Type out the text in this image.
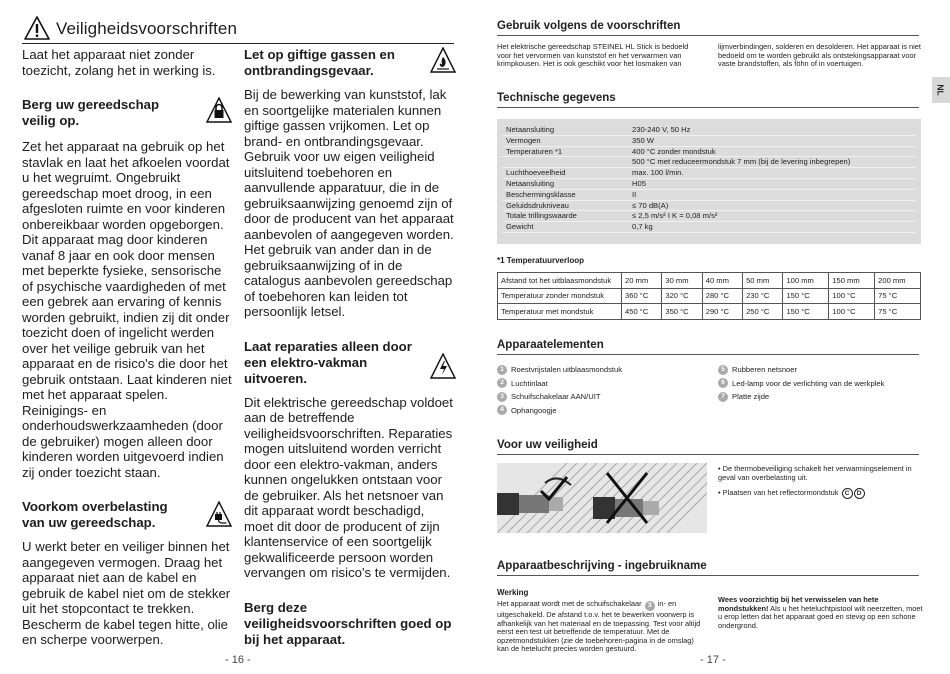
Veiligheidsvoorschriften

Laat het apparaat niet zonder toezicht, zolang het in werking is.

Berg uw gereedschap veilig op.

Zet het apparaat na gebruik op het stavlak en laat het afkoelen voordat u het wegruimt. Ongebruikt gereedschap moet droog, in een afgesloten ruimte en voor kinderen onbereikbaar worden opgeborgen. Dit apparaat mag door kinderen vanaf 8 jaar en ook door mensen met beperkte fysieke, sensorische of psychische vaardigheden of met een gebrek aan ervaring of kennis worden gebruikt, indien zij dit onder toezicht doen of ingelicht werden over het veilige gebruik van het apparaat en de risico's die door het gebruik ontstaan. Laat kinderen niet met het apparaat spelen. Reinigings- en onderhoudswerkzaamheden (door de gebruiker) mogen alleen door kinderen worden uitgevoerd indien zij onder toezicht staan.

Voorkom overbelasting van uw gereedschap.

U werkt beter en veiliger binnen het aangegeven vermogen. Draag het apparaat niet aan de kabel en gebruik de kabel niet om de stekker uit het stopcontact te trekken. Bescherm de kabel tegen hitte, olie en scherpe voorwerpen.

Let op giftige gassen en ontbrandingsgevaar.

Bij de bewerking van kunststof, lak en soortgelijke materialen kunnen giftige gassen vrijkomen. Let op brand- en ontbrandingsgevaar. Gebruik voor uw eigen veiligheid uitsluitend toebehoren en aanvullende apparatuur, die in de gebruiksaanwijzing genoemd zijn of door de producent van het apparaat aanbevolen of aangegeven worden. Het gebruik van ander dan in de gebruiksaanwijzing of in de catalogus aanbevolen gereedschap of toebehoren kan leiden tot persoonlijk letsel.

Laat reparaties alleen door een elektro-vakman uitvoeren.

Dit elektrische gereedschap voldoet aan de betreffende veiligheidsvoorschriften. Reparaties mogen uitsluitend worden verricht door een elektro-vakman, anders kunnen ongelukken ontstaan voor de gebruiker. Als het netsnoer van dit apparaat wordt beschadigd, moet dit door de producent of zijn klantenservice of een soortgelijk gekwalificeerde persoon worden vervangen om risico's te vermijden.

Berg deze veiligheidsvoorschriften goed op bij het apparaat.
- 16 -
NL
Gebruik volgens de voorschriften
Het elektrische gereedschap STEINEL HL Stick is bedoeld voor het vervormen van kunststof en het verwarmen van krimpkousen. Het is ook geschikt voor het losmaken van
lijmverbindingen, solderen en desolderen. Het apparaat is niet bedoeld om te worden gebruikt als ontstekingsapparaat voor vaste brandstoffen, als föhn of in voertuigen.
Technische gegevens
Netaansluiting	230-240 V, 50 Hz
Vermogen	350 W
Temperaturen *1	400 °C zonder mondstuk
	500 °C met reduceermondstuk 7 mm (bij de levering inbegrepen)
Luchthoeveelheid	max. 100 l/min.
Netaansluiting	H05
Beschermingsklasse	II
Geluidsdrukniveau	≤ 70 dB(A)
Totale trillingswaarde	≤ 2,5 m/s² I K = 0,08 m/s²
Gewicht	0,7 kg
*1 Temperatuurverloop
Afstand tot het uitblaasmondstuk	20 mm	30 mm	40 mm	50 mm	100 mm	150 mm	200 mm
Temperatuur zonder mondstuk	360 °C	320 °C	280 °C	230 °C	150 °C	100 °C	75 °C
Temperatuur met mondstuk	450 °C	350 °C	290 °C	250 °C	150 °C	100 °C	75 °C
Apparaatelementen
1 Roestvrijstalen uitblaasmondstuk
2 Luchtinlaat
3 Schuifschakelaar AAN/UIT
4 Ophangoogje
5 Rubberen netsnoer
6 Led-lamp voor de verlichting van de werkplek
7 Platte zijde
Voor uw veiligheid
• De thermobeveiliging schakelt het verwarmingselement in geval van overbelasting uit.
• Plaatsen van het reflectormondstuk C D
Apparaatbeschrijving - ingebruikname
Werking
Het apparaat wordt met de schuifschakelaar 3 in- en uitgeschakeld. De afstand t.o.v. het te bewerken voorwerp is afhankelijk van het materiaal en de toepassing. Test voor altijd eerst een test uit betreffende de temperatuur. Met de opzetmondstukken (zie de toebehoren-pagina in de omslag) kan de hetelucht precies worden gestuurd.
Wees voorzichtig bij het verwisselen van hete mondstukken! Als u het heteluchtpistool wilt neerzetten, moet u erop letten dat het apparaat goed en stevig op een schone ondergrond.
- 17 -
